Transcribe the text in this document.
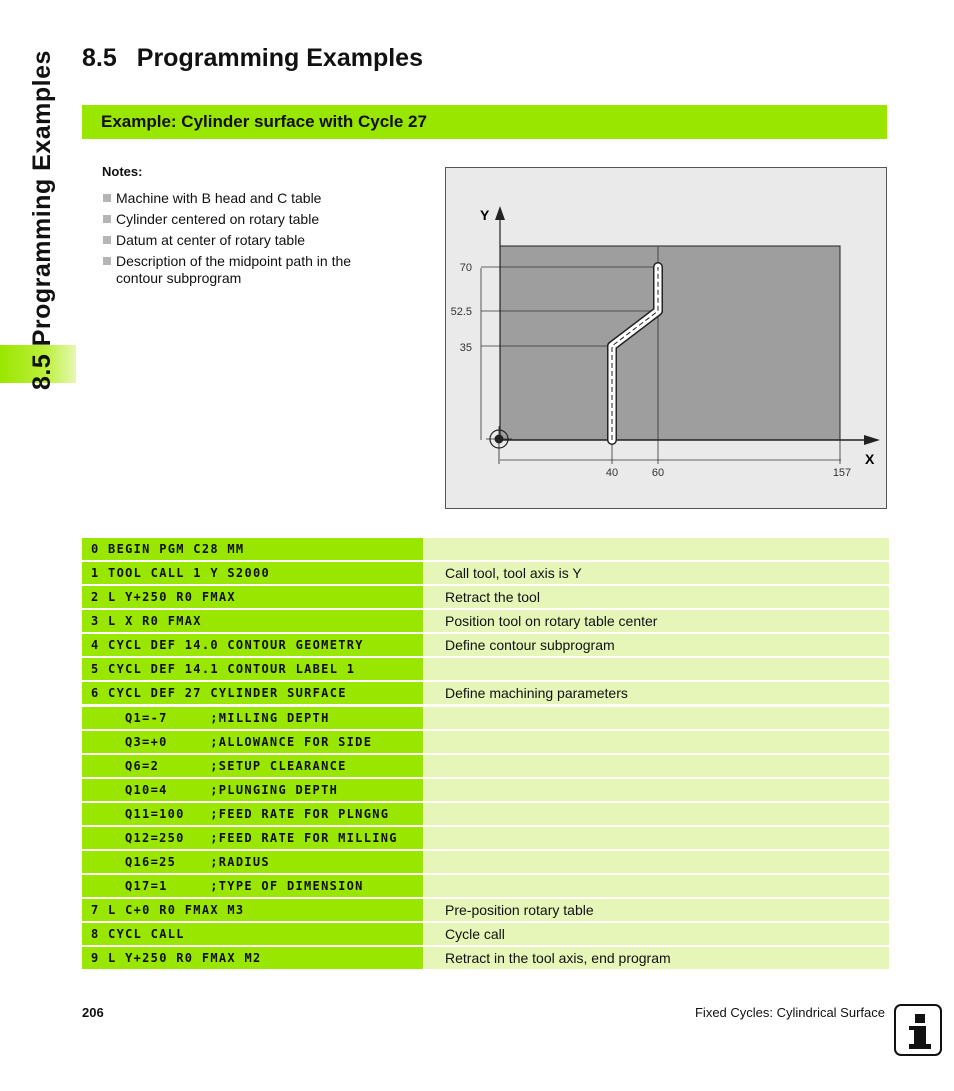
8.5 Programming Examples 8.5 Programming Examples
Example: Cylinder surface with Cycle 27
Notes:
Machine with B head and C table
Cylinder centered on rotary table
Datum at center of rotary table
Description of the midpoint path in the contour subprogram
Y
X
70
52.5
35
40	60	157
0 BEGIN PGM C28 MM
1 TOOL CALL 1 Y S2000	Call tool, tool axis is Y
2 L Y+250 R0 FMAX	Retract the tool
3 L X R0 FMAX	Position tool on rotary table center
4 CYCL DEF 14.0 CONTOUR GEOMETRY	Define contour subprogram
5 CYCL DEF 14.1 CONTOUR LABEL 1
6 CYCL DEF 27 CYLINDER SURFACE	Define machining parameters
Q1=-7     ;MILLING DEPTH
Q3=+0     ;ALLOWANCE FOR SIDE
Q6=2      ;SETUP CLEARANCE
Q10=4     ;PLUNGING DEPTH
Q11=100   ;FEED RATE FOR PLNGNG
Q12=250   ;FEED RATE FOR MILLING
Q16=25    ;RADIUS
Q17=1     ;TYPE OF DIMENSION
7 L C+0 R0 FMAX M3	Pre-position rotary table
8 CYCL CALL	Cycle call
9 L Y+250 R0 FMAX M2	Retract in the tool axis, end program
206	Fixed Cycles: Cylindrical Surface
